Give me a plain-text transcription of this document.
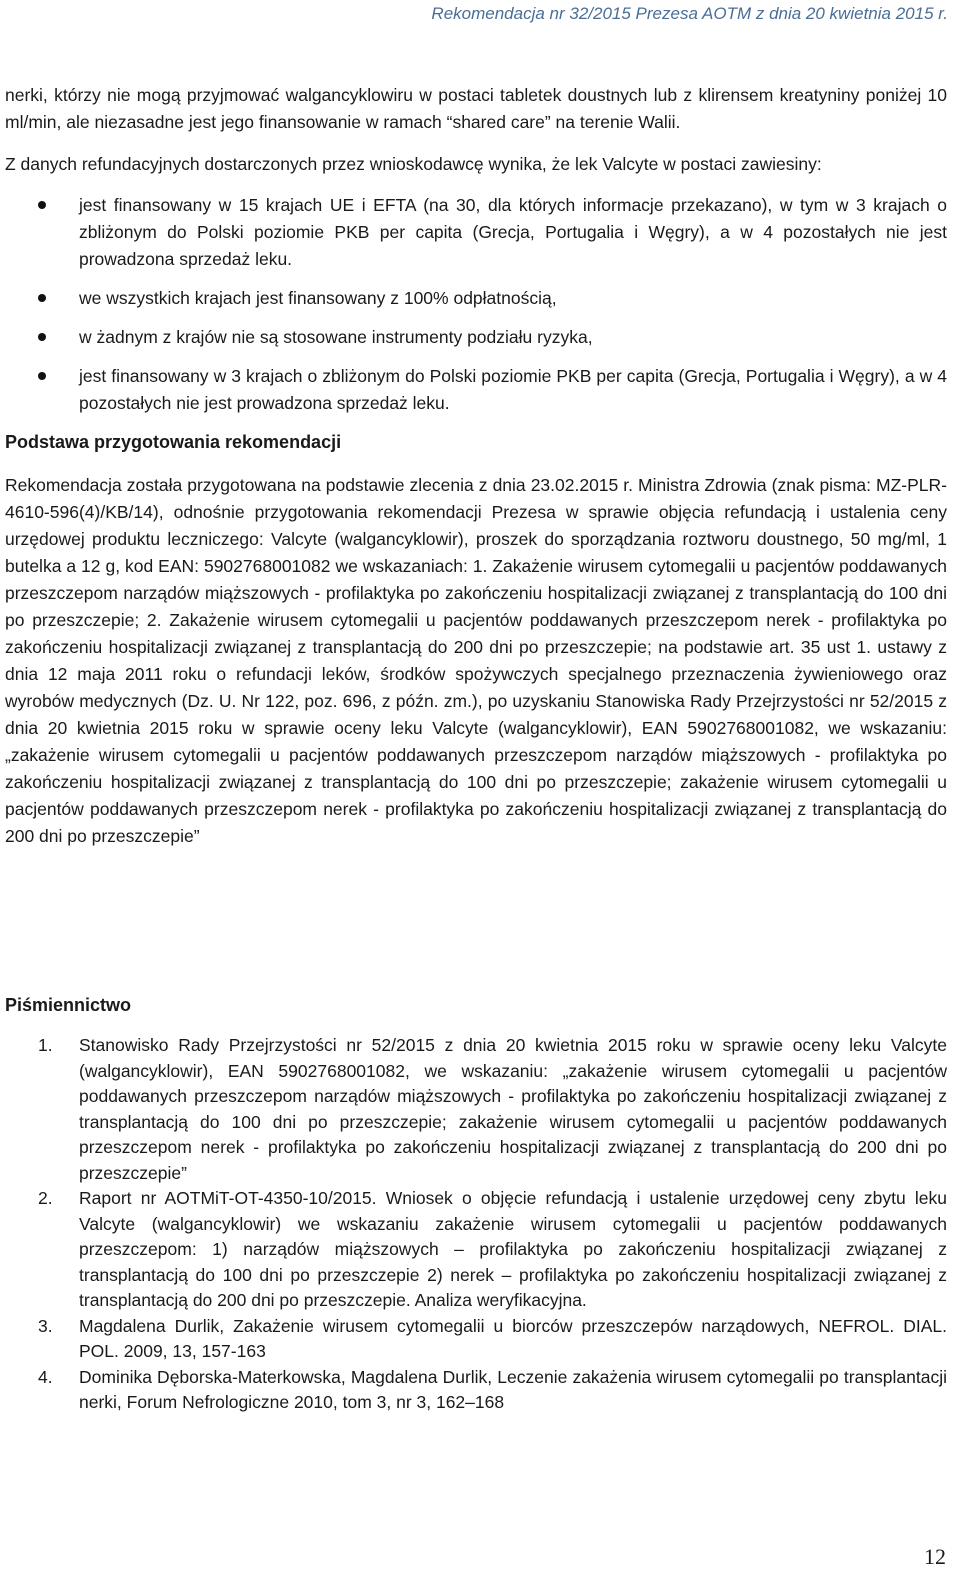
Rekomendacja nr 32/2015 Prezesa AOTM z dnia 20 kwietnia 2015 r.

nerki, którzy nie mogą przyjmować walgancyklowiru w postaci tabletek doustnych lub z klirensem kreatyniny poniżej 10 ml/min, ale niezasadne jest jego finansowanie w ramach “shared care” na terenie Walii.

Z danych refundacyjnych dostarczonych przez wnioskodawcę wynika, że lek Valcyte w postaci zawiesiny:

jest finansowany w 15 krajach UE i EFTA (na 30, dla których informacje przekazano), w tym w 3 krajach o zbliżonym do Polski poziomie PKB per capita (Grecja, Portugalia i Węgry), a w 4 pozostałych nie jest prowadzona sprzedaż leku.
we wszystkich krajach jest finansowany z 100% odpłatnością,
w żadnym z krajów nie są stosowane instrumenty podziału ryzyka,
jest finansowany w 3 krajach o zbliżonym do Polski poziomie PKB per capita (Grecja, Portugalia i Węgry), a w 4 pozostałych nie jest prowadzona sprzedaż leku.
Podstawa przygotowania rekomendacji

Rekomendacja została przygotowana na podstawie zlecenia z dnia 23.02.2015 r. Ministra Zdrowia (znak pisma: MZ-PLR-4610-596(4)/KB/14), odnośnie przygotowania rekomendacji Prezesa w sprawie objęcia refundacją i ustalenia ceny urzędowej produktu leczniczego: Valcyte (walgancyklowir), proszek do sporządzania roztworu doustnego, 50 mg/ml, 1 butelka a 12 g, kod EAN: 5902768001082 we wskazaniach: 1. Zakażenie wirusem cytomegalii u pacjentów poddawanych przeszczepom narządów miąższowych - profilaktyka po zakończeniu hospitalizacji związanej z transplantacją do 100 dni po przeszczepie; 2. Zakażenie wirusem cytomegalii u pacjentów poddawanych przeszczepom nerek - profilaktyka po zakończeniu hospitalizacji związanej z transplantacją do 200 dni po przeszczepie; na podstawie art. 35 ust 1. ustawy z dnia 12 maja 2011 roku o refundacji leków, środków spożywczych specjalnego przeznaczenia żywieniowego oraz wyrobów medycznych (Dz. U. Nr 122, poz. 696, z późn. zm.), po uzyskaniu Stanowiska Rady Przejrzystości nr 52/2015 z dnia 20 kwietnia 2015 roku w sprawie oceny leku Valcyte (walgancyklowir), EAN 5902768001082, we wskazaniu: „zakażenie wirusem cytomegalii u pacjentów poddawanych przeszczepom narządów miąższowych - profilaktyka po zakończeniu hospitalizacji związanej z transplantacją do 100 dni po przeszczepie; zakażenie wirusem cytomegalii u pacjentów poddawanych przeszczepom nerek - profilaktyka po zakończeniu hospitalizacji związanej z transplantacją do 200 dni po przeszczepie”

Piśmiennictwo
1. Stanowisko Rady Przejrzystości nr 52/2015 z dnia 20 kwietnia 2015 roku w sprawie oceny leku Valcyte (walgancyklowir), EAN 5902768001082, we wskazaniu: „zakażenie wirusem cytomegalii u pacjentów poddawanych przeszczepom narządów miąższowych - profilaktyka po zakończeniu hospitalizacji związanej z transplantacją do 100 dni po przeszczepie; zakażenie wirusem cytomegalii u pacjentów poddawanych przeszczepom nerek - profilaktyka po zakończeniu hospitalizacji związanej z transplantacją do 200 dni po przeszczepie”
2. Raport nr AOTMiT-OT-4350-10/2015. Wniosek o objęcie refundacją i ustalenie urzędowej ceny zbytu leku Valcyte (walgancyklowir) we wskazaniu zakażenie wirusem cytomegalii u pacjentów poddawanych przeszczepom: 1) narządów miąższowych – profilaktyka po zakończeniu hospitalizacji związanej z transplantacją do 100 dni po przeszczepie 2) nerek – profilaktyka po zakończeniu hospitalizacji związanej z transplantacją do 200 dni po przeszczepie. Analiza weryfikacyjna.
3. Magdalena Durlik, Zakażenie wirusem cytomegalii u biorców przeszczepów narządowych, NEFROL. DIAL. POL. 2009, 13, 157-163
4. Dominika Dęborska-Materkowska, Magdalena Durlik, Leczenie zakażenia wirusem cytomegalii po transplantacji nerki, Forum Nefrologiczne 2010, tom 3, nr 3, 162–168
12
